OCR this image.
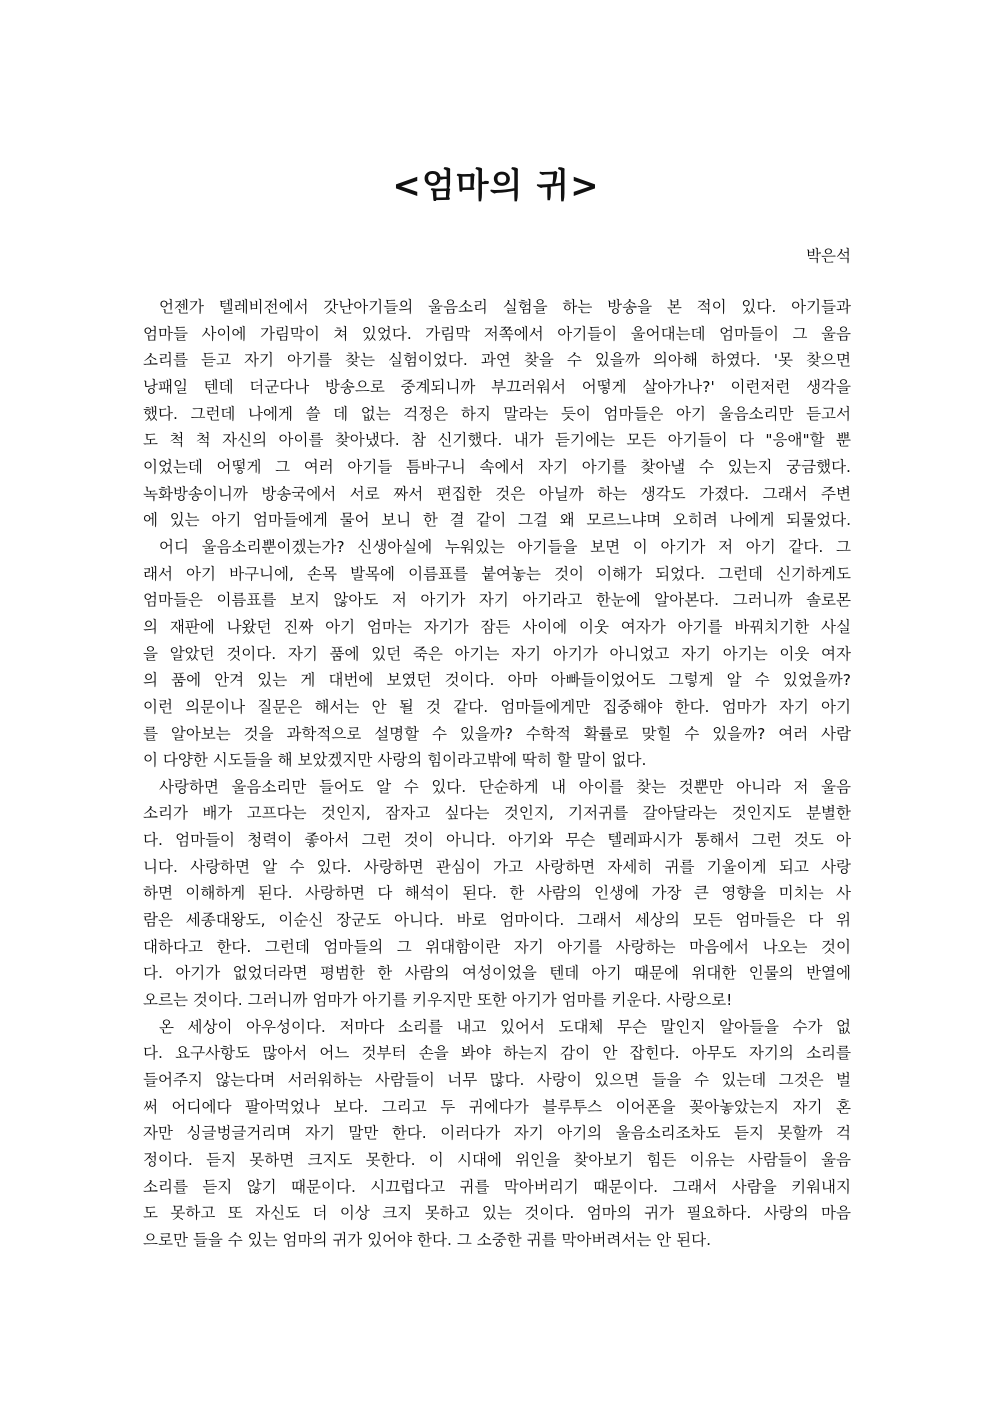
<엄마의 귀>
박은석
언젠가 텔레비전에서 갓난아기들의 울음소리 실험을 하는 방송을 본 적이 있다. 아기들과
엄마들 사이에 가림막이 쳐 있었다. 가림막 저쪽에서 아기들이 울어대는데 엄마들이 그 울음
소리를 듣고 자기 아기를 찾는 실험이었다. 과연 찾을 수 있을까 의아해 하였다. '못 찾으면
낭패일 텐데 더군다나 방송으로 중계되니까 부끄러워서 어떻게 살아가나?' 이런저런 생각을
했다. 그런데 나에게 쓸 데 없는 걱정은 하지 말라는 듯이 엄마들은 아기 울음소리만 듣고서
도 척 척 자신의 아이를 찾아냈다. 참 신기했다. 내가 듣기에는 모든 아기들이 다 "응애"할 뿐
이었는데 어떻게 그 여러 아기들 틈바구니 속에서 자기 아기를 찾아낼 수 있는지 궁금했다.
녹화방송이니까 방송국에서 서로 짜서 편집한 것은 아닐까 하는 생각도 가졌다. 그래서 주변
에 있는 아기 엄마들에게 물어 보니 한 결 같이 그걸 왜 모르느냐며 오히려 나에게 되물었다.
어디 울음소리뿐이겠는가? 신생아실에 누워있는 아기들을 보면 이 아기가 저 아기 같다. 그
래서 아기 바구니에, 손목 발목에 이름표를 붙여놓는 것이 이해가 되었다. 그런데 신기하게도
엄마들은 이름표를 보지 않아도 저 아기가 자기 아기라고 한눈에 알아본다. 그러니까 솔로몬
의 재판에 나왔던 진짜 아기 엄마는 자기가 잠든 사이에 이웃 여자가 아기를 바꿔치기한 사실
을 알았던 것이다. 자기 품에 있던 죽은 아기는 자기 아기가 아니었고 자기 아기는 이웃 여자
의 품에 안겨 있는 게 대번에 보였던 것이다. 아마 아빠들이었어도 그렇게 알 수 있었을까?
이런 의문이나 질문은 해서는 안 될 것 같다. 엄마들에게만 집중해야 한다. 엄마가 자기 아기
를 알아보는 것을 과학적으로 설명할 수 있을까? 수학적 확률로 맞힐 수 있을까? 여러 사람
이 다양한 시도들을 해 보았겠지만 사랑의 힘이라고밖에 딱히 할 말이 없다.
사랑하면 울음소리만 들어도 알 수 있다. 단순하게 내 아이를 찾는 것뿐만 아니라 저 울음
소리가 배가 고프다는 것인지, 잠자고 싶다는 것인지, 기저귀를 갈아달라는 것인지도 분별한
다. 엄마들이 청력이 좋아서 그런 것이 아니다. 아기와 무슨 텔레파시가 통해서 그런 것도 아
니다. 사랑하면 알 수 있다. 사랑하면 관심이 가고 사랑하면 자세히 귀를 기울이게 되고 사랑
하면 이해하게 된다. 사랑하면 다 해석이 된다. 한 사람의 인생에 가장 큰 영향을 미치는 사
람은 세종대왕도, 이순신 장군도 아니다. 바로 엄마이다. 그래서 세상의 모든 엄마들은 다 위
대하다고 한다. 그런데 엄마들의 그 위대함이란 자기 아기를 사랑하는 마음에서 나오는 것이
다. 아기가 없었더라면 평범한 한 사람의 여성이었을 텐데 아기 때문에 위대한 인물의 반열에
오르는 것이다. 그러니까 엄마가 아기를 키우지만 또한 아기가 엄마를 키운다. 사랑으로!
온 세상이 아우성이다. 저마다 소리를 내고 있어서 도대체 무슨 말인지 알아들을 수가 없
다. 요구사항도 많아서 어느 것부터 손을 봐야 하는지 감이 안 잡힌다. 아무도 자기의 소리를
들어주지 않는다며 서러워하는 사람들이 너무 많다. 사랑이 있으면 들을 수 있는데 그것은 벌
써 어디에다 팔아먹었나 보다. 그리고 두 귀에다가 블루투스 이어폰을 꽂아놓았는지 자기 혼
자만 싱글벙글거리며 자기 말만 한다. 이러다가 자기 아기의 울음소리조차도 듣지 못할까 걱
정이다. 듣지 못하면 크지도 못한다. 이 시대에 위인을 찾아보기 힘든 이유는 사람들이 울음
소리를 듣지 않기 때문이다. 시끄럽다고 귀를 막아버리기 때문이다. 그래서 사람을 키워내지
도 못하고 또 자신도 더 이상 크지 못하고 있는 것이다. 엄마의 귀가 필요하다. 사랑의 마음
으로만 들을 수 있는 엄마의 귀가 있어야 한다. 그 소중한 귀를 막아버려서는 안 된다.
